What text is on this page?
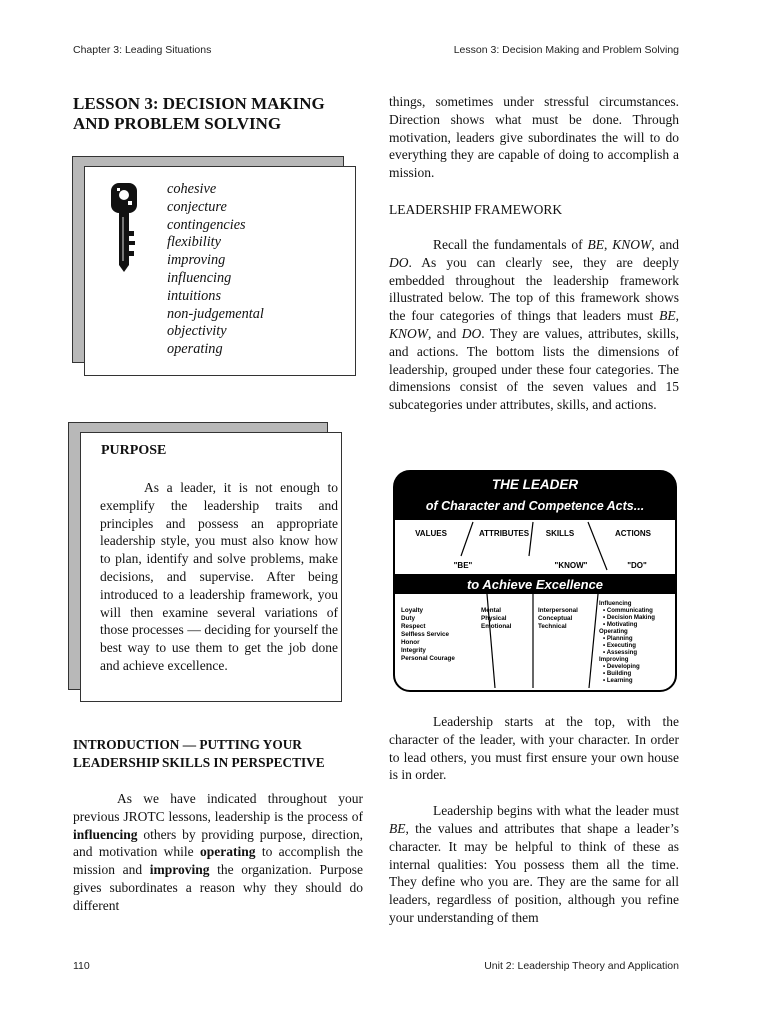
Chapter 3: Leading Situations	Lesson 3: Decision Making and Problem Solving
110	Unit 2: Leadership Theory and Application
LESSON 3: DECISION MAKING
AND PROBLEM SOLVING
cohesive
conjecture
contingencies
flexibility
improving
influencing
intuitions
non-judgemental
objectivity
operating
PURPOSE

As a leader, it is not enough to exemplify the leadership traits and principles and possess an appropriate leadership style, you must also know how to plan, identify and solve problems, make decisions, and supervise. After being introduced to a leadership framework, you will then examine several variations of those processes — deciding for yourself the best way to use them to get the job done and achieve excellence.

INTRODUCTION — PUTTING YOUR
LEADERSHIP SKILLS IN PERSPECTIVE

As we have indicated throughout your previous JROTC lessons, leadership is the process of influencing others by providing purpose, direction, and motivation while operating to accomplish the mission and improving the organization. Purpose gives subordinates a reason why they should do different

things, sometimes under stressful circumstances. Direction shows what must be done. Through motivation, leaders give subordinates the will to do everything they are capable of doing to accomplish a mission.

LEADERSHIP FRAMEWORK

Recall the fundamentals of BE, KNOW, and DO. As you can clearly see, they are deeply embedded throughout the leadership framework illustrated below. The top of this framework shows the four categories of things that leaders must BE, KNOW, and DO. They are values, attributes, skills, and actions. The bottom lists the dimensions of leadership, grouped under these four categories. The dimensions consist of the seven values and 15 subcategories under attributes, skills, and actions.

THE LEADER
of Character and Competence Acts...
VALUES	ATTRIBUTES SKILLS	ACTIONS
"BE"	"KNOW"	"DO"
to Achieve Excellence
Loyalty
Duty
Respect
Selfless Service
Honor
Integrity
Personal Courage
Mental
Physical
Emotional
Interpersonal
Conceptual
Technical
Influencing
• Communicating
• Decision Making
• Motivating
Operating
• Planning
• Executing
• Assessing
Improving
• Developing
• Building
• Learning

Leadership starts at the top, with the character of the leader, with your character. In order to lead others, you must first ensure your own house is in order.

Leadership begins with what the leader must BE, the values and attributes that shape a leader’s character. It may be helpful to think of these as internal qualities: You possess them all the time. They define who you are. They are the same for all leaders, regardless of position, although you refine your understanding of them
